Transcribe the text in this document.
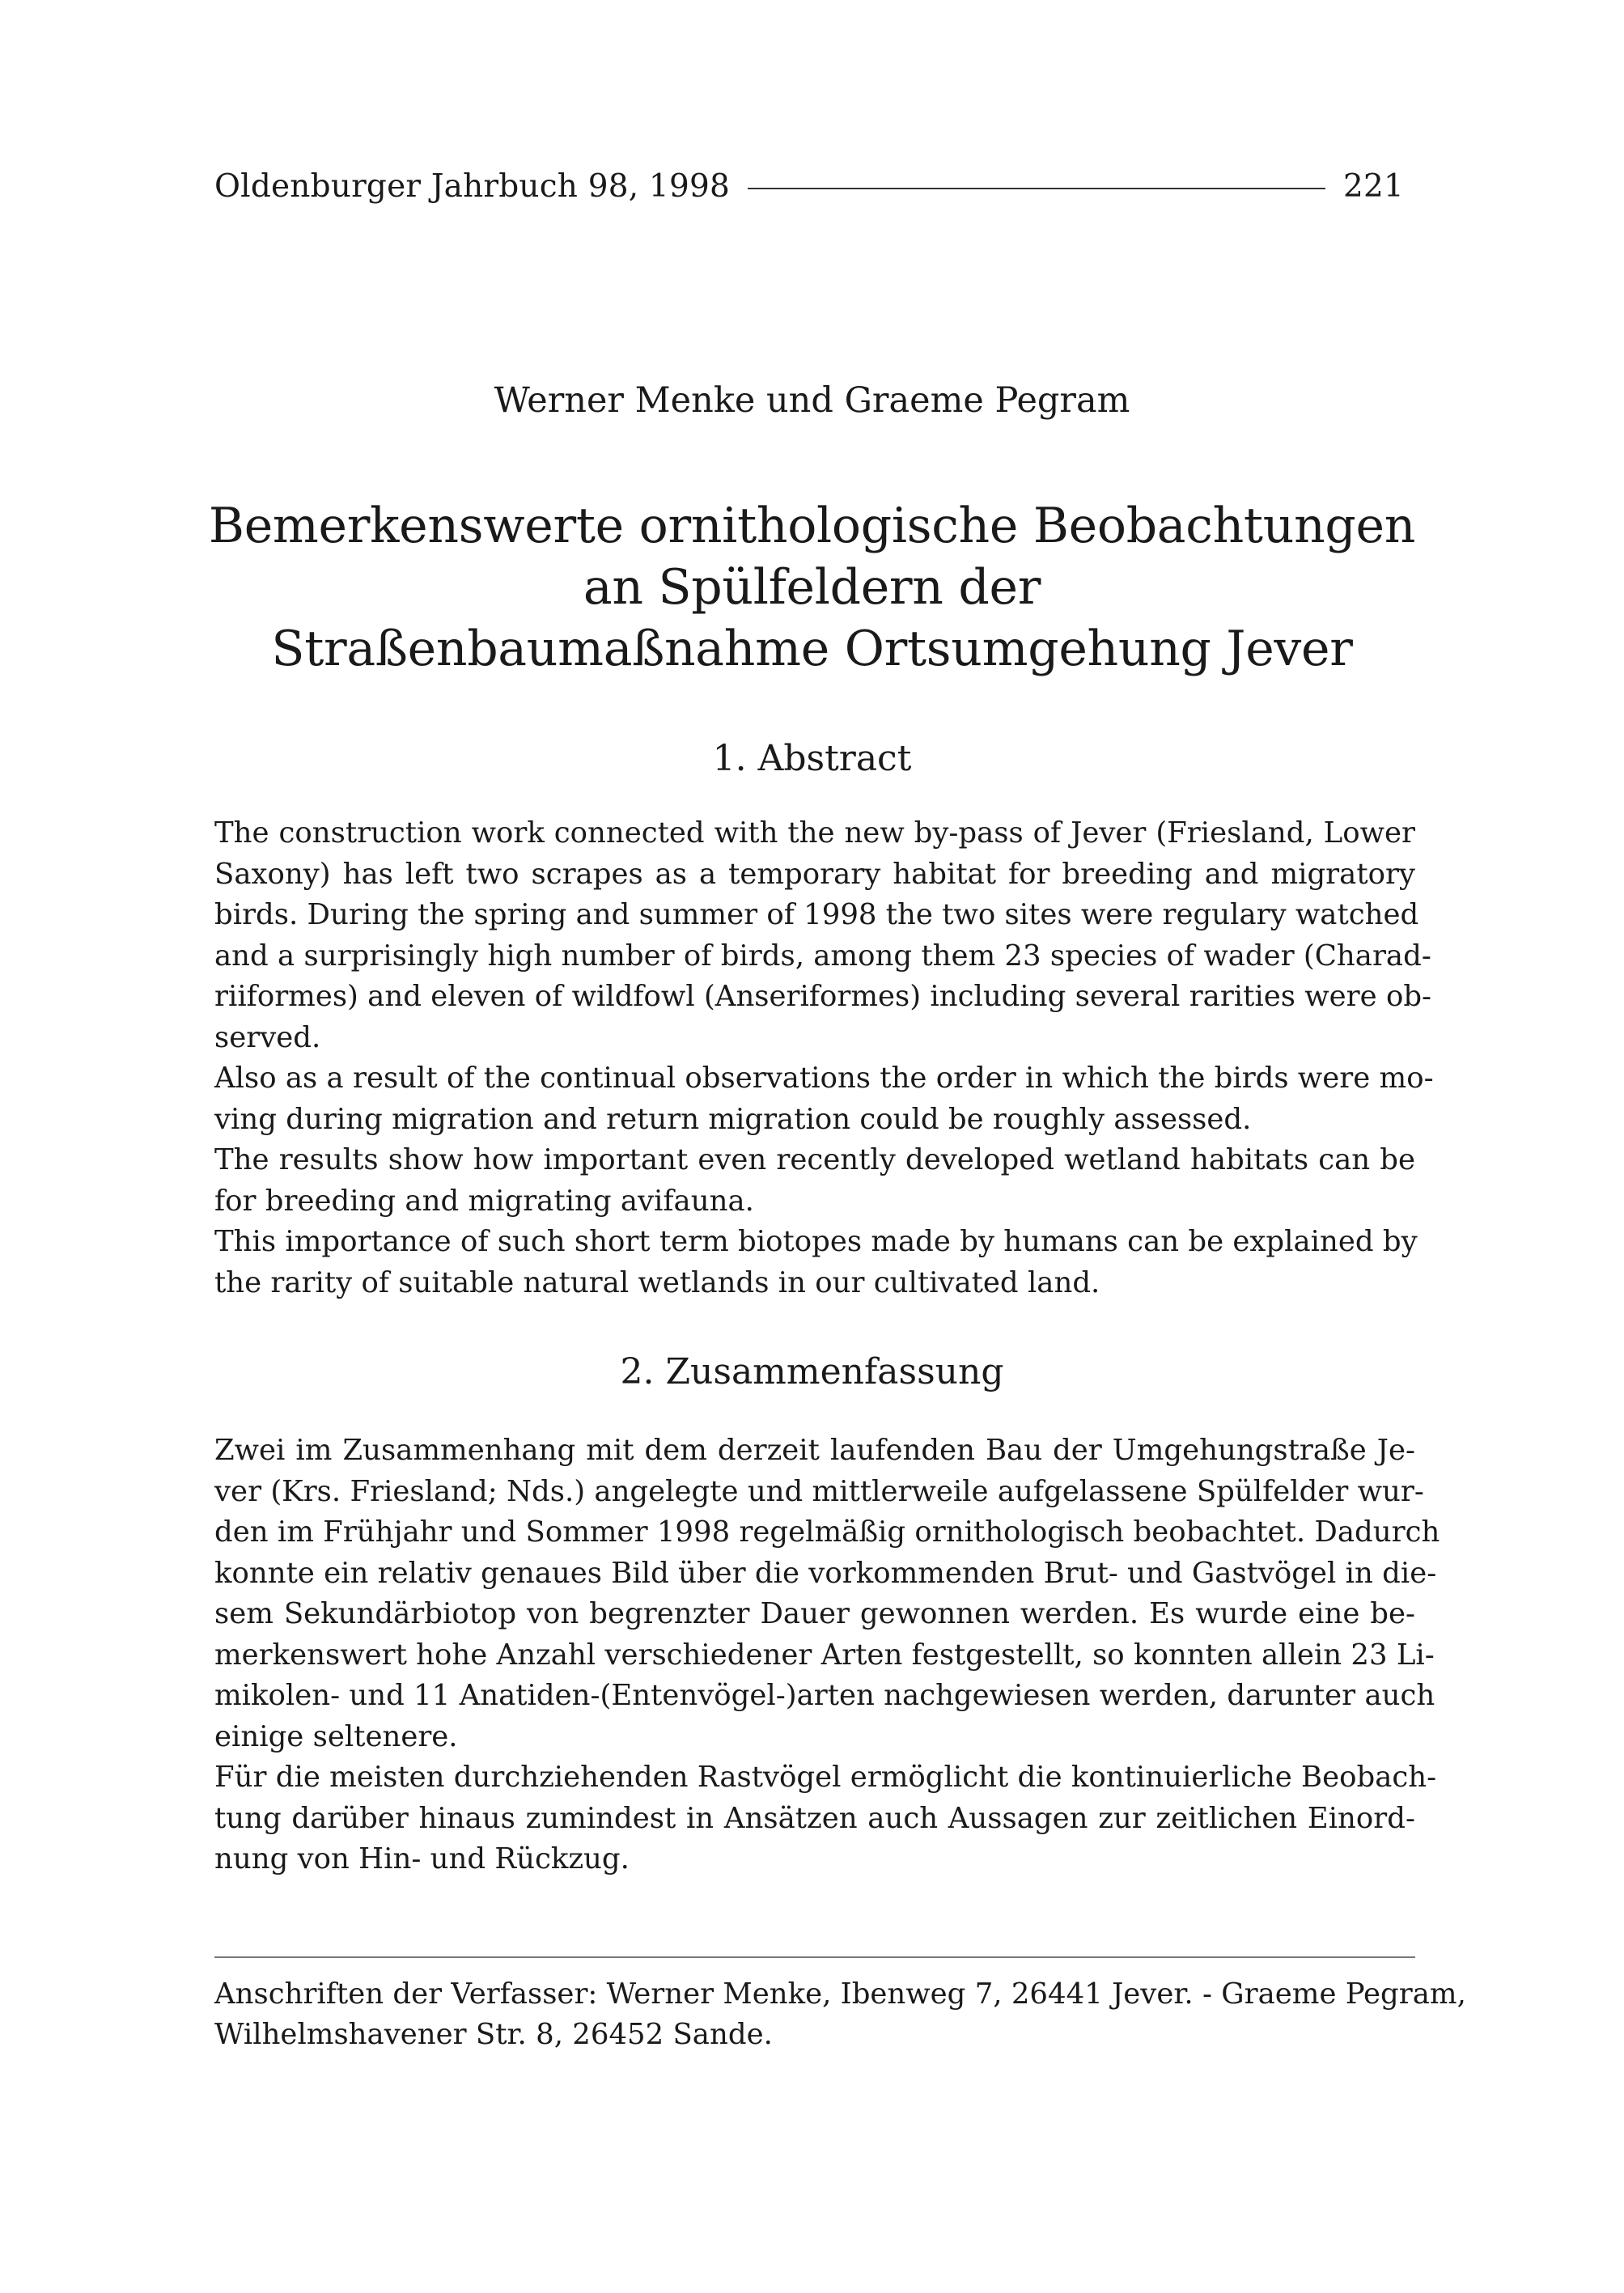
Oldenburger Jahrbuch 98, 1998	221
Werner Menke und Graeme Pegram
Bemerkenswerte ornithologische Beobachtungen
an Spülfeldern der
Straßenbaumaßnahme Ortsumgehung Jever
1. Abstract
The construction work connected with the new by-pass of Jever (Friesland, Lower
Saxony) has left two scrapes as a temporary habitat for breeding and migratory
birds. During the spring and summer of 1998 the two sites were regulary watched
and a surprisingly high number of birds, among them 23 species of wader (Charad-
riiformes) and eleven of wildfowl (Anseriformes) including several rarities were ob-
served.
Also as a result of the continual observations the order in which the birds were mo-
ving during migration and return migration could be roughly assessed.
The results show how important even recently developed wetland habitats can be
for breeding and migrating avifauna.
This importance of such short term biotopes made by humans can be explained by
the rarity of suitable natural wetlands in our cultivated land.
2. Zusammenfassung
Zwei im Zusammenhang mit dem derzeit laufenden Bau der Umgehungstraße Je-
ver (Krs. Friesland; Nds.) angelegte und mittlerweile aufgelassene Spülfelder wur-
den im Frühjahr und Sommer 1998 regelmäßig ornithologisch beobachtet. Dadurch
konnte ein relativ genaues Bild über die vorkommenden Brut- und Gastvögel in die-
sem Sekundärbiotop von begrenzter Dauer gewonnen werden. Es wurde eine be-
merkenswert hohe Anzahl verschiedener Arten festgestellt, so konnten allein 23 Li-
mikolen- und 11 Anatiden-(Entenvögel-)arten nachgewiesen werden, darunter auch
einige seltenere.
Für die meisten durchziehenden Rastvögel ermöglicht die kontinuierliche Beobach-
tung darüber hinaus zumindest in Ansätzen auch Aussagen zur zeitlichen Einord-
nung von Hin- und Rückzug.
Anschriften der Verfasser: Werner Menke, Ibenweg 7, 26441 Jever. - Graeme Pegram,
Wilhelmshavener Str. 8, 26452 Sande.
